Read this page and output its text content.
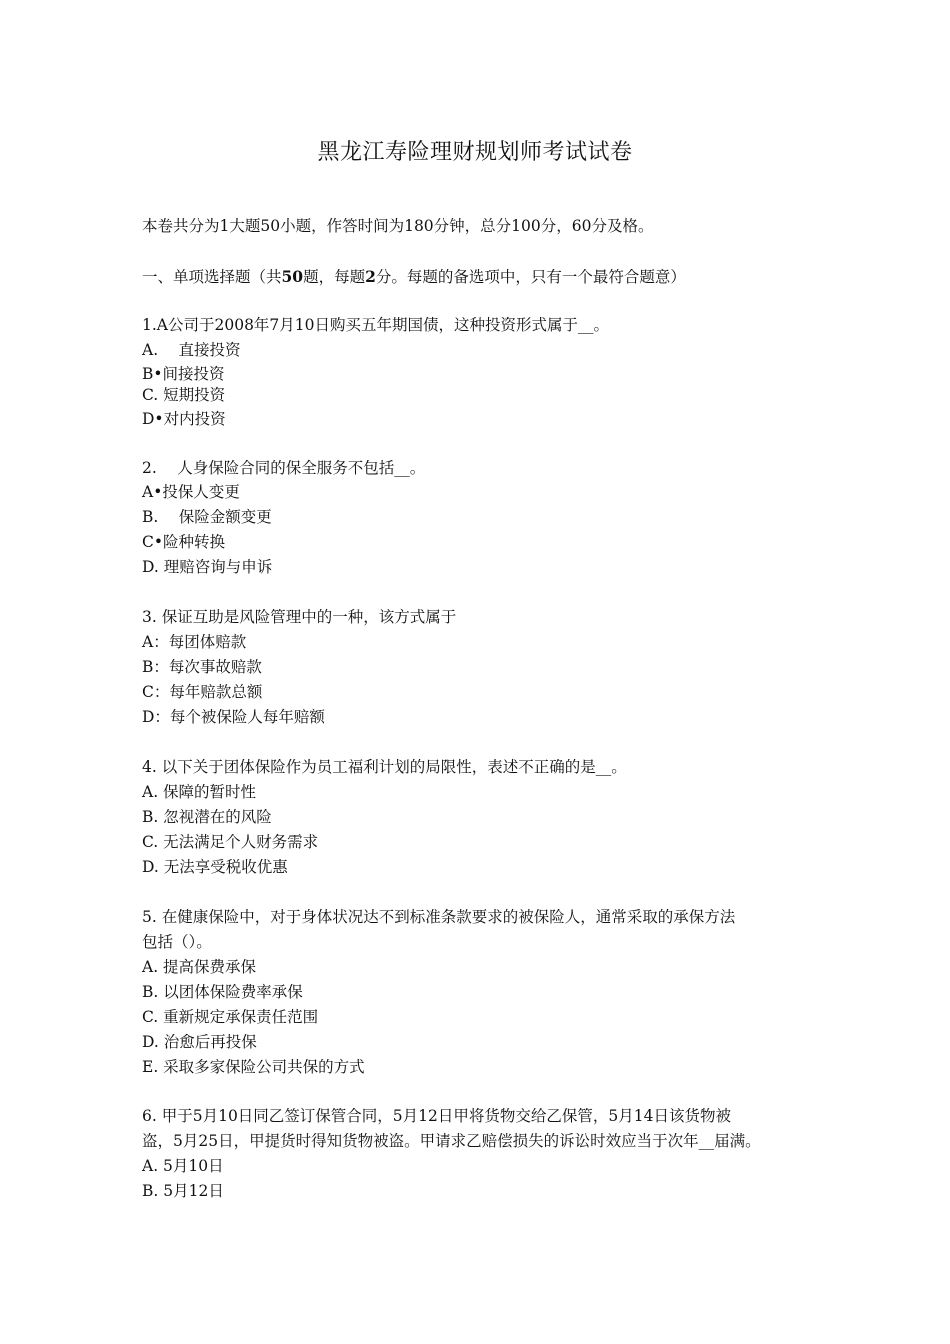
黑龙江寿险理财规划师考试试卷
本卷共分为1大题50小题，作答时间为180分钟，总分100分，60分及格。
一、单项选择题（共50题，每题2分。每题的备选项中，只有一个最符合题意）
1.A公司于2008年7月10日购买五年期国债，这种投资形式属于__。
A.　 直接投资
B•间接投资
C. 短期投资
D•对内投资
2.　 人身保险合同的保全服务不包括__。
A•投保人变更
B.　 保险金额变更
C•险种转换
D. 理赔咨询与申诉
3. 保证互助是风险管理中的一种，该方式属于
A：每团体赔款
B：每次事故赔款
C：每年赔款总额
D：每个被保险人每年赔额
4. 以下关于团体保险作为员工福利计划的局限性，表述不正确的是__。
A. 保障的暂时性
B. 忽视潜在的风险
C. 无法满足个人财务需求
D. 无法享受税收优惠
5. 在健康保险中，对于身体状况达不到标准条款要求的被保险人，通常采取的承保方法
包括（）。
A. 提高保费承保
B. 以团体保险费率承保
C. 重新规定承保责任范围
D. 治愈后再投保
E. 采取多家保险公司共保的方式
6. 甲于5月10日同乙签订保管合同，5月12日甲将货物交给乙保管，5月14日该货物被
盗，5月25日，甲提货时得知货物被盗。甲请求乙赔偿损失的诉讼时效应当于次年__届满。
A. 5月10日
B. 5月12日
